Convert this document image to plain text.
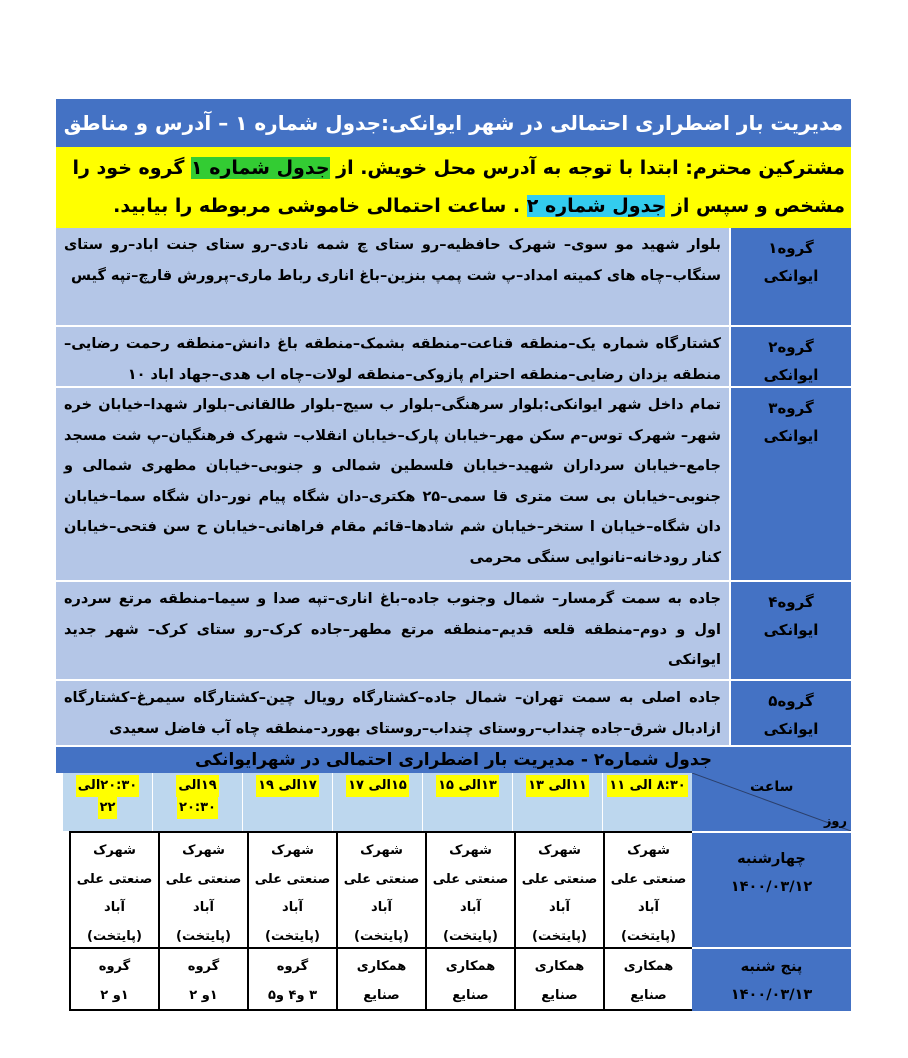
مدیریت بار اضطراری احتمالی در شهر ایوانکی:جدول شماره ۱ – آدرس و مناطق
مشترکین محترم: ابتدا با توجه به آدرس محل خویش. از جدول شماره ۱ گروه خود را مشخص و سپس از جدول شماره ۲ . ساعت احتمالی خاموشی مربوطه را بیابید.
گروه۱
ایوانکی
بلوار شهید مو سوی– شهرک حافظیه–رو ستای چ شمه نادی–رو ستای جنت اباد–رو ستای سنگاب–چاه های کمیته امداد–پ شت پمپ بنزین–باغ اناری رباط ماری–پرورش قارچ–تپه گیس
گروه۲
ایوانکی
کشتارگاه شماره یک–منطقه قناعت–منطقه بشمک–منطقه باغ دانش–منطقه رحمت رضایی–منطقه یزدان رضایی–منطقه احترام پازوکی–منطقه لولات–چاه اب هدی–جهاد اباد ۱۰
گروه۳
ایوانکی
تمام داخل شهر ایوانکی:بلوار سرهنگی–بلوار ب سیج–بلوار طالقانی–بلوار شهدا–خیابان خره شهر– شهرک توس–م سکن مهر–خیابان پارک–خیابان انقلاب– شهرک فرهنگیان–پ شت مسجد جامع–خیابان سرداران شهید–خیابان فلسطین شمالی و جنوبی–خیابان مطهری شمالی و جنوبی–خیابان بی ست متری قا سمی–۲۵ هکتری–دان شگاه پیام نور–دان شگاه سما–خیابان دان شگاه–خیابان ا ستخر–خیابان شم شادها–قائم مقام فراهانی–خیابان ح سن فتحی–خیابان کنار رودخانه–نانوایی سنگی محرمی
گروه۴
ایوانکی
جاده به سمت گرمسار– شمال وجنوب جاده–باغ اناری–تپه صدا و سیما–منطقه مرتع سردره اول و دوم–منطقه قلعه قدیم–منطقه مرتع مطهر–جاده کرک–رو ستای کرک– شهر جدید ایوانکی
گروه۵
ایوانکی
جاده اصلی به سمت تهران– شمال جاده–کشتارگاه رویال چین–کشتارگاه سیمرغ–کشتارگاه ازادبال شرق–جاده چنداب–روستای چنداب–روستای بهورد–منطقه چاه آب فاضل سعیدی
جدول شماره۲ - مدیریت بار اضطراری احتمالی در شهرایوانکی
ساعت
روز
۸:۳۰ الی ۱۱
۱۱الی ۱۳
۱۳الی ۱۵
۱۵الی ۱۷
۱۷الی ۱۹
۱۹الی
۲۰:۳۰
۲۰:۳۰الی
۲۲
چهارشنبه
۱۴۰۰/۰۳/۱۲
شهرک
صنعتی علی
آباد
(پایتخت)
شهرک
صنعتی علی
آباد
(پایتخت)
شهرک
صنعتی علی
آباد
(پایتخت)
شهرک
صنعتی علی
آباد
(پایتخت)
شهرک
صنعتی علی
آباد
(پایتخت)
شهرک
صنعتی علی
آباد
(پایتخت)
شهرک
صنعتی علی
آباد
(پایتخت)
پنج شنبه
۱۴۰۰/۰۳/۱۳
همکاری
صنایع
همکاری
صنایع
همکاری
صنایع
همکاری
صنایع
گروه
۳ و۴ و۵
گروه
۱و ۲
گروه
۱و ۲
